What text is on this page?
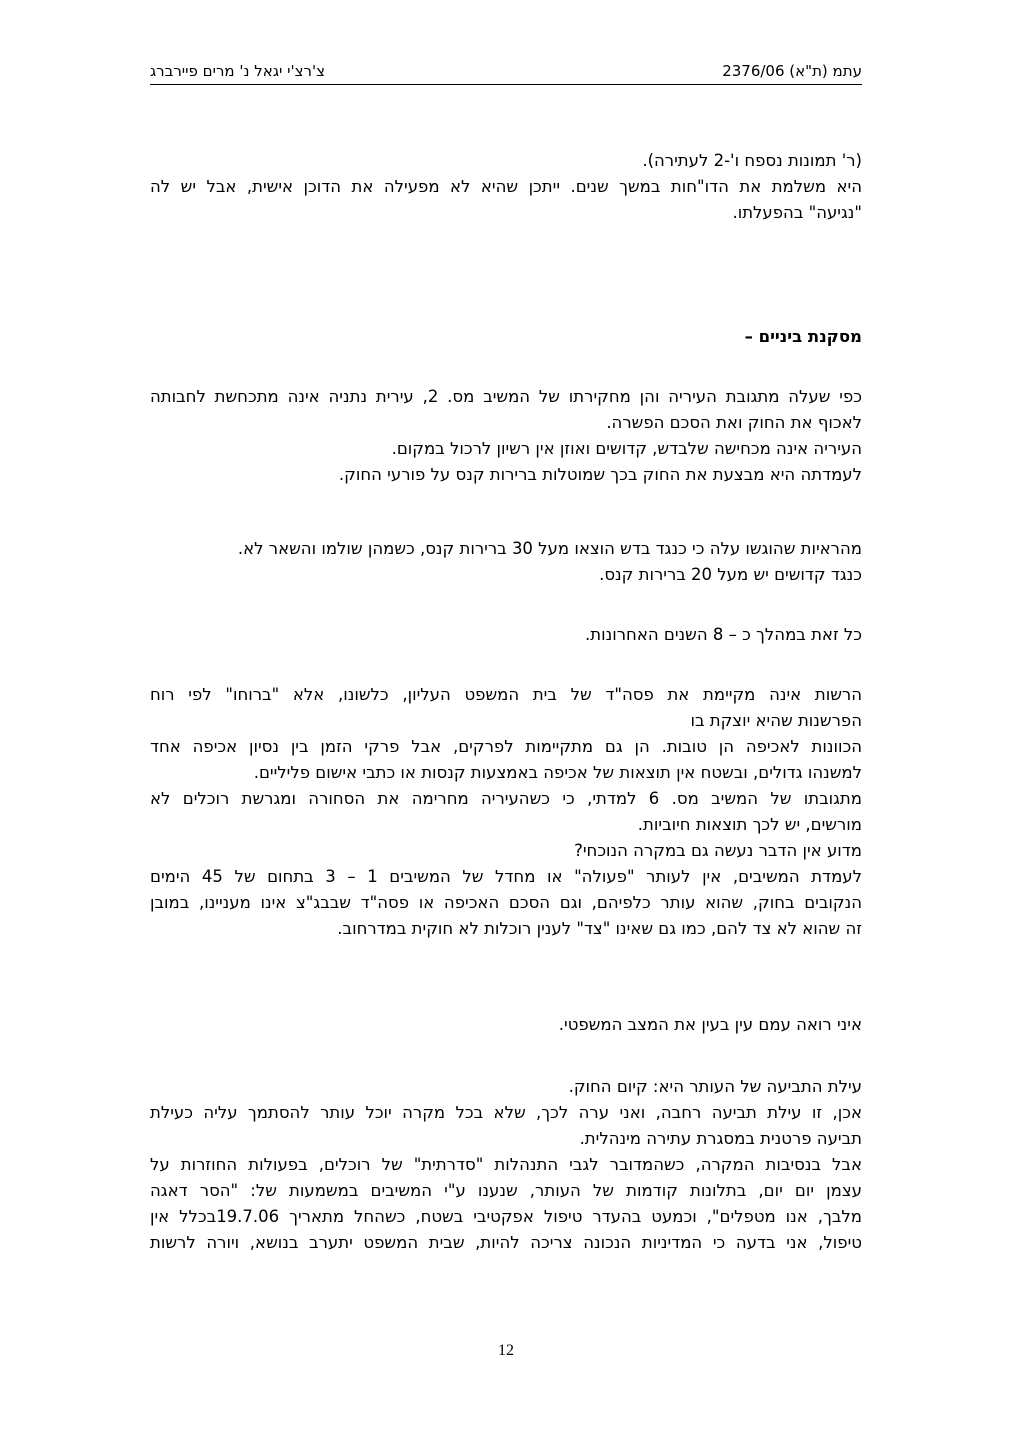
עתמ (ת"א) 2376/06
צ'רצ'י יגאל נ' מרים פיירברג

(ר' תמונות נספח ו'-2 לעתירה).

היא משלמת את הדו"חות במשך שנים. ייתכן שהיא לא מפעילה את הדוכן אישית, אבל יש לה

"נגיעה" בהפעלתו.

מסקנת ביניים –

כפי שעלה מתגובת העיריה והן מחקירתו של המשיב מס. 2, עירית נתניה אינה מתכחשת לחבותה

לאכוף את החוק ואת הסכם הפשרה.

העיריה אינה מכחישה שלבדש, קדושים ואוזן אין רשיון לרכול במקום.

לעמדתה היא מבצעת את החוק בכך שמוטלות ברירות קנס על פורעי החוק.

מהראיות שהוגשו עלה כי כנגד בדש הוצאו מעל 30 ברירות קנס, כשמהן שולמו והשאר לא.

כנגד קדושים יש מעל 20 ברירות קנס.

כל זאת במהלך כ – 8 השנים האחרונות.

הרשות אינה מקיימת את פסה"ד של בית המשפט העליון, כלשונו, אלא "ברוחו" לפי רוח

הפרשנות שהיא יוצקת בו

הכוונות לאכיפה הן טובות. הן גם מתקיימות לפרקים, אבל פרקי הזמן בין נסיון אכיפה אחד

למשנהו גדולים, ובשטח אין תוצאות של אכיפה באמצעות קנסות או כתבי אישום פליליים.

מתגובתו של המשיב מס. 6 למדתי, כי כשהעיריה מחרימה את הסחורה ומגרשת רוכלים לא

מורשים, יש לכך תוצאות חיוביות.

מדוע אין הדבר נעשה גם במקרה הנוכחי?

לעמדת המשיבים, אין לעותר "פעולה" או מחדל של המשיבים 1 – 3 בתחום של 45 הימים

הנקובים בחוק, שהוא עותר כלפיהם, וגם הסכם האכיפה או פסה"ד שבבג"צ אינו מעניינו, במובן

זה שהוא לא צד להם, כמו גם שאינו "צד" לענין רוכלות לא חוקית במדרחוב.

איני רואה עמם עין בעין את המצב המשפטי.

עילת התביעה של העותר היא: קיום החוק.

אכן, זו עילת תביעה רחבה, ואני ערה לכך, שלא בכל מקרה יוכל עותר להסתמך עליה כעילת

תביעה פרטנית במסגרת עתירה מינהלית.

אבל בנסיבות המקרה, כשהמדובר לגבי התנהלות "סדרתית" של רוכלים, בפעולות החוזרות על

עצמן יום יום, בתלונות קודמות של העותר, שנענו ע"י המשיבים במשמעות של: "הסר דאגה

מלבך, אנו מטפלים", וכמעט בהעדר טיפול אפקטיבי בשטח, כשהחל מתאריך 19.7.06בכלל אין

טיפול, אני בדעה כי המדיניות הנכונה צריכה להיות, שבית המשפט יתערב בנושא, ויורה לרשות

12
